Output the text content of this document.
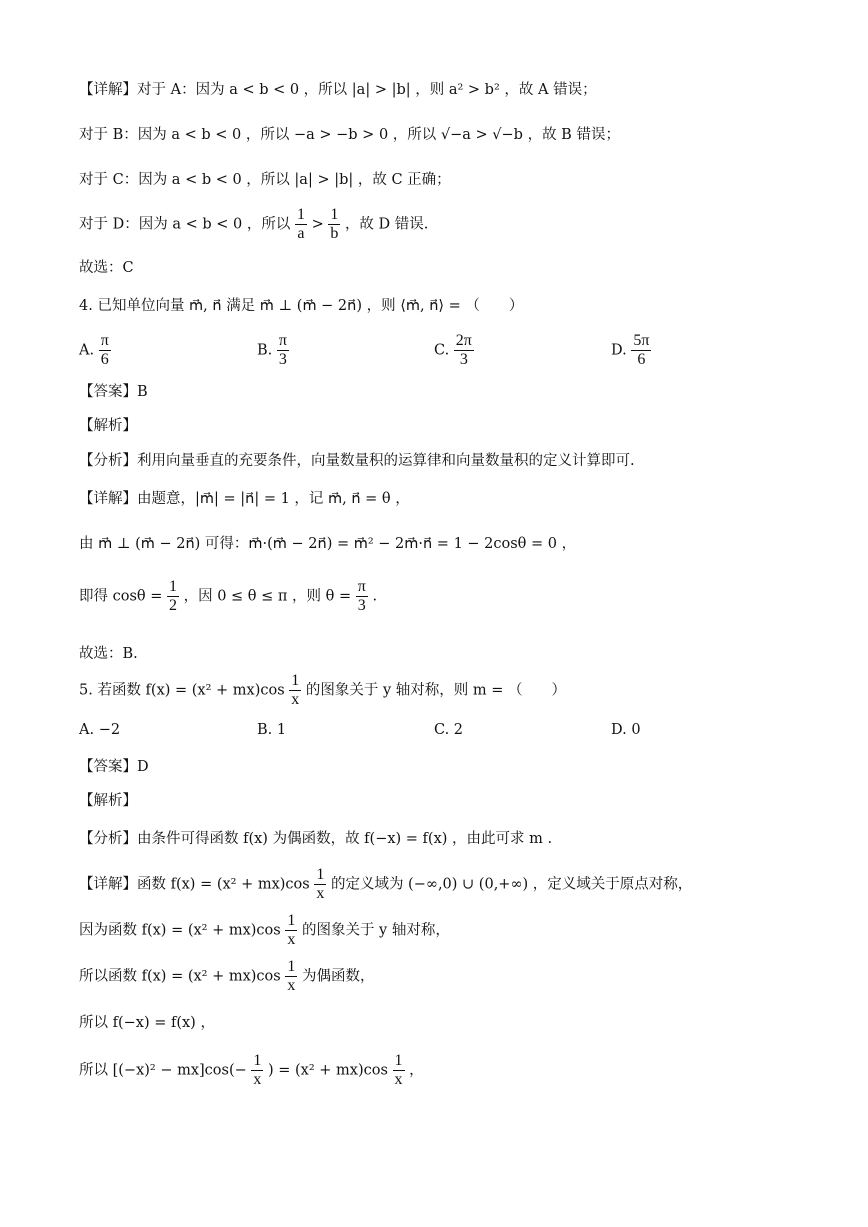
【详解】对于 A：因为 a < b < 0 ，所以 |a| > |b| ，则 a² > b² ，故 A 错误；
对于 B：因为 a < b < 0 ，所以 −a > −b > 0 ，所以 √−a > √−b ，故 B 错误；
对于 C：因为 a < b < 0 ，所以 |a| > |b| ，故 C 正确；
对于 D：因为 a < b < 0 ，所以 $\frac{1}{a} > \frac{1}{b}$ ，故 D 错误.
故选：C
4. 已知单位向量 m⃗, n⃗ 满足 m⃗ ⊥ (m⃗ − 2n⃗) ，则 ⟨m⃗, n⃗⟩ = （　　）
A. $\frac{\pi}{6}$	B. $\frac{\pi}{3}$	C. $\frac{2\pi}{3}$	D. $\frac{5\pi}{6}$
【答案】B
【解析】
【分析】利用向量垂直的充要条件，向量数量积的运算律和向量数量积的定义计算即可.
【详解】由题意，|m⃗| = |n⃗| = 1 ，记 m⃗, n⃗ = θ ，
由 m⃗ ⊥ (m⃗ − 2n⃗) 可得：m⃗·(m⃗ − 2n⃗) = m⃗² − 2m⃗·n⃗ = 1 − 2cosθ = 0 ，
即得 $\cos\theta = \frac{1}{2}$ ，因 0 ≤ θ ≤ π ，则 $\theta = \frac{\pi}{3}$ .
故选：B.
5. 若函数 $f(x) = (x^2 + mx)\cos \frac{1}{x}$ 的图象关于 y 轴对称，则 m = （　　）
A. −2	B. 1	C. 2	D. 0
【答案】D
【解析】
【分析】由条件可得函数 f(x) 为偶函数，故 f(−x) = f(x) ，由此可求 m .
【详解】函数 $f(x) = (x^2 + mx)\cos \frac{1}{x}$ 的定义域为 (−∞,0) ∪ (0,+∞) ，定义域关于原点对称，
因为函数 $f(x) = (x^2 + mx)\cos \frac{1}{x}$ 的图象关于 y 轴对称，
所以函数 $f(x) = (x^2 + mx)\cos \frac{1}{x}$ 为偶函数，
所以 f(−x) = f(x) ，
所以 $[(-x)^2 - mx]\cos(- \frac{1}{x}$ ) = $(x^2 + mx)\cos \frac{1}{x}$ ，
